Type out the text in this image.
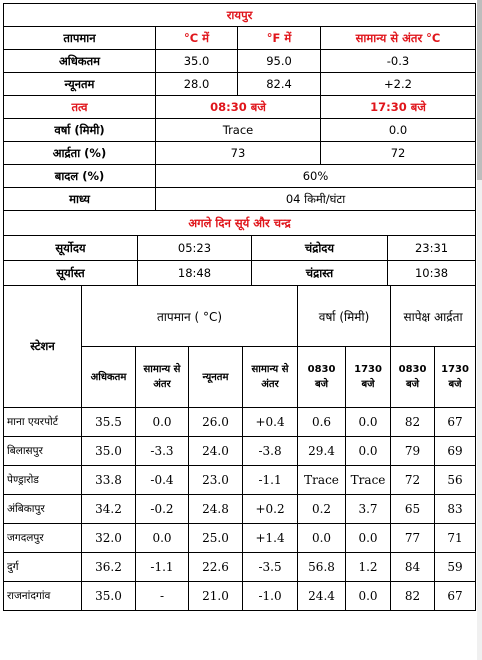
रायपुर			
तापमान	°C में	°F में	सामान्य से अंतर °C
अधिकतम	35.0	95.0	-0.3
न्यूनतम	28.0	82.4	+2.2
तत्व	08:30 बजे		17:30 बजे
वर्षा (मिमी)	Trace		0.0
आर्द्रता (%)	73		72
बादल (%)	60%		
माध्य	04 किमी/घंटा		
अगले दिन सूर्य और चन्द्र			
सूर्योदय	05:23	चंद्रोदय	23:31
सूर्यास्त	18:48	चंद्रास्त	10:38
स्टेशन	तापमान ( °C)				वर्षा (मिमी)		सापेक्ष आर्द्रता	
	अधिकतम	सामान्य से अंतर	न्यूनतम	सामान्य से अंतर	0830 बजे	1730 बजे	0830 बजे	1730 बजे
माना एयरपोर्ट	35.5	0.0	26.0	+0.4	0.6	0.0	82	67
बिलासपुर	35.0	-3.3	24.0	-3.8	29.4	0.0	79	69
पेण्ड्रारोड	33.8	-0.4	23.0	-1.1	Trace	Trace	72	56
अंबिकापुर	34.2	-0.2	24.8	+0.2	0.2	3.7	65	83
जगदलपुर	32.0	0.0	25.0	+1.4	0.0	0.0	77	71
दुर्ग	36.2	-1.1	22.6	-3.5	56.8	1.2	84	59
राजनांदगांव	35.0	-	21.0	-1.0	24.4	0.0	82	67
